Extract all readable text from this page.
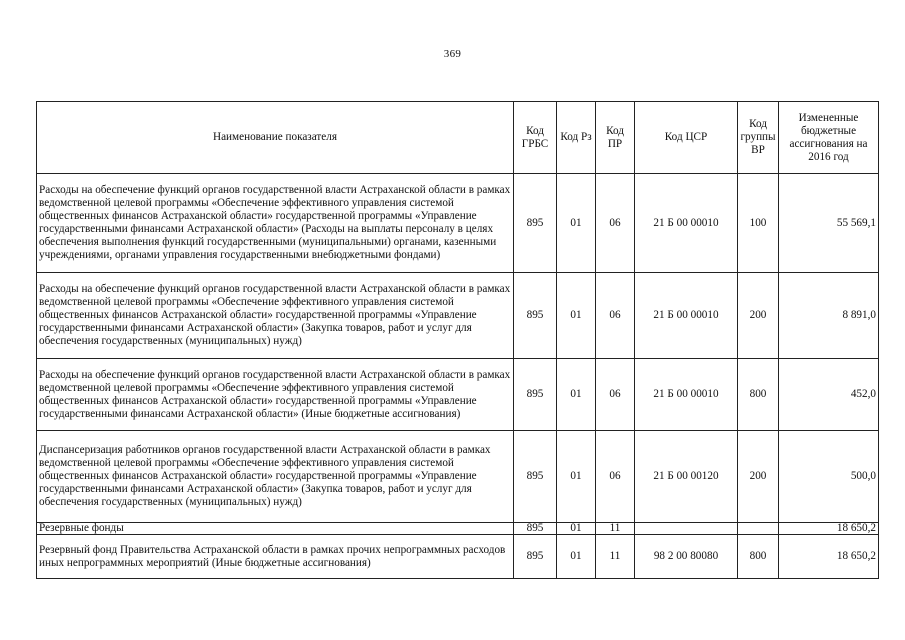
369
Наименование показателя	Код ГРБС	Код Рз	Код ПР	Код ЦСР	Код группы ВР	Измененные бюджетные ассигнования на 2016 год
Расходы на обеспечение функций органов государственной власти Астраханской области в рамках ведомственной целевой программы «Обеспечение эффективного управления системой общественных финансов Астраханской области» государственной программы «Управление государственными финансами Астраханской области» (Расходы на выплаты персоналу в целях обеспечения выполнения функций государственными (муниципальными) органами, казенными учреждениями, органами управления государственными внебюджетными фондами)	895	01	06	21 Б 00 00010	100	55 569,1
Расходы на обеспечение функций органов государственной власти Астраханской области в рамках ведомственной целевой программы «Обеспечение эффективного управления системой общественных финансов Астраханской области» государственной программы «Управление государственными финансами Астраханской области» (Закупка товаров, работ и услуг для обеспечения государственных (муниципальных) нужд)	895	01	06	21 Б 00 00010	200	8 891,0
Расходы на обеспечение функций органов государственной власти Астраханской области в рамках ведомственной целевой программы «Обеспечение эффективного управления системой общественных финансов Астраханской области» государственной программы «Управление государственными финансами Астраханской области» (Иные бюджетные ассигнования)	895	01	06	21 Б 00 00010	800	452,0
Диспансеризация работников органов государственной власти Астраханской области в рамках ведомственной целевой программы «Обеспечение эффективного управления системой общественных финансов Астраханской области» государственной программы «Управление государственными финансами Астраханской области» (Закупка товаров, работ и услуг для обеспечения государственных (муниципальных) нужд)	895	01	06	21 Б 00 00120	200	500,0
Резервные фонды	895	01	11			18 650,2
Резервный фонд Правительства Астраханской области в рамках прочих непрограммных расходов иных непрограммных мероприятий (Иные бюджетные ассигнования)	895	01	11	98 2 00 80080	800	18 650,2
